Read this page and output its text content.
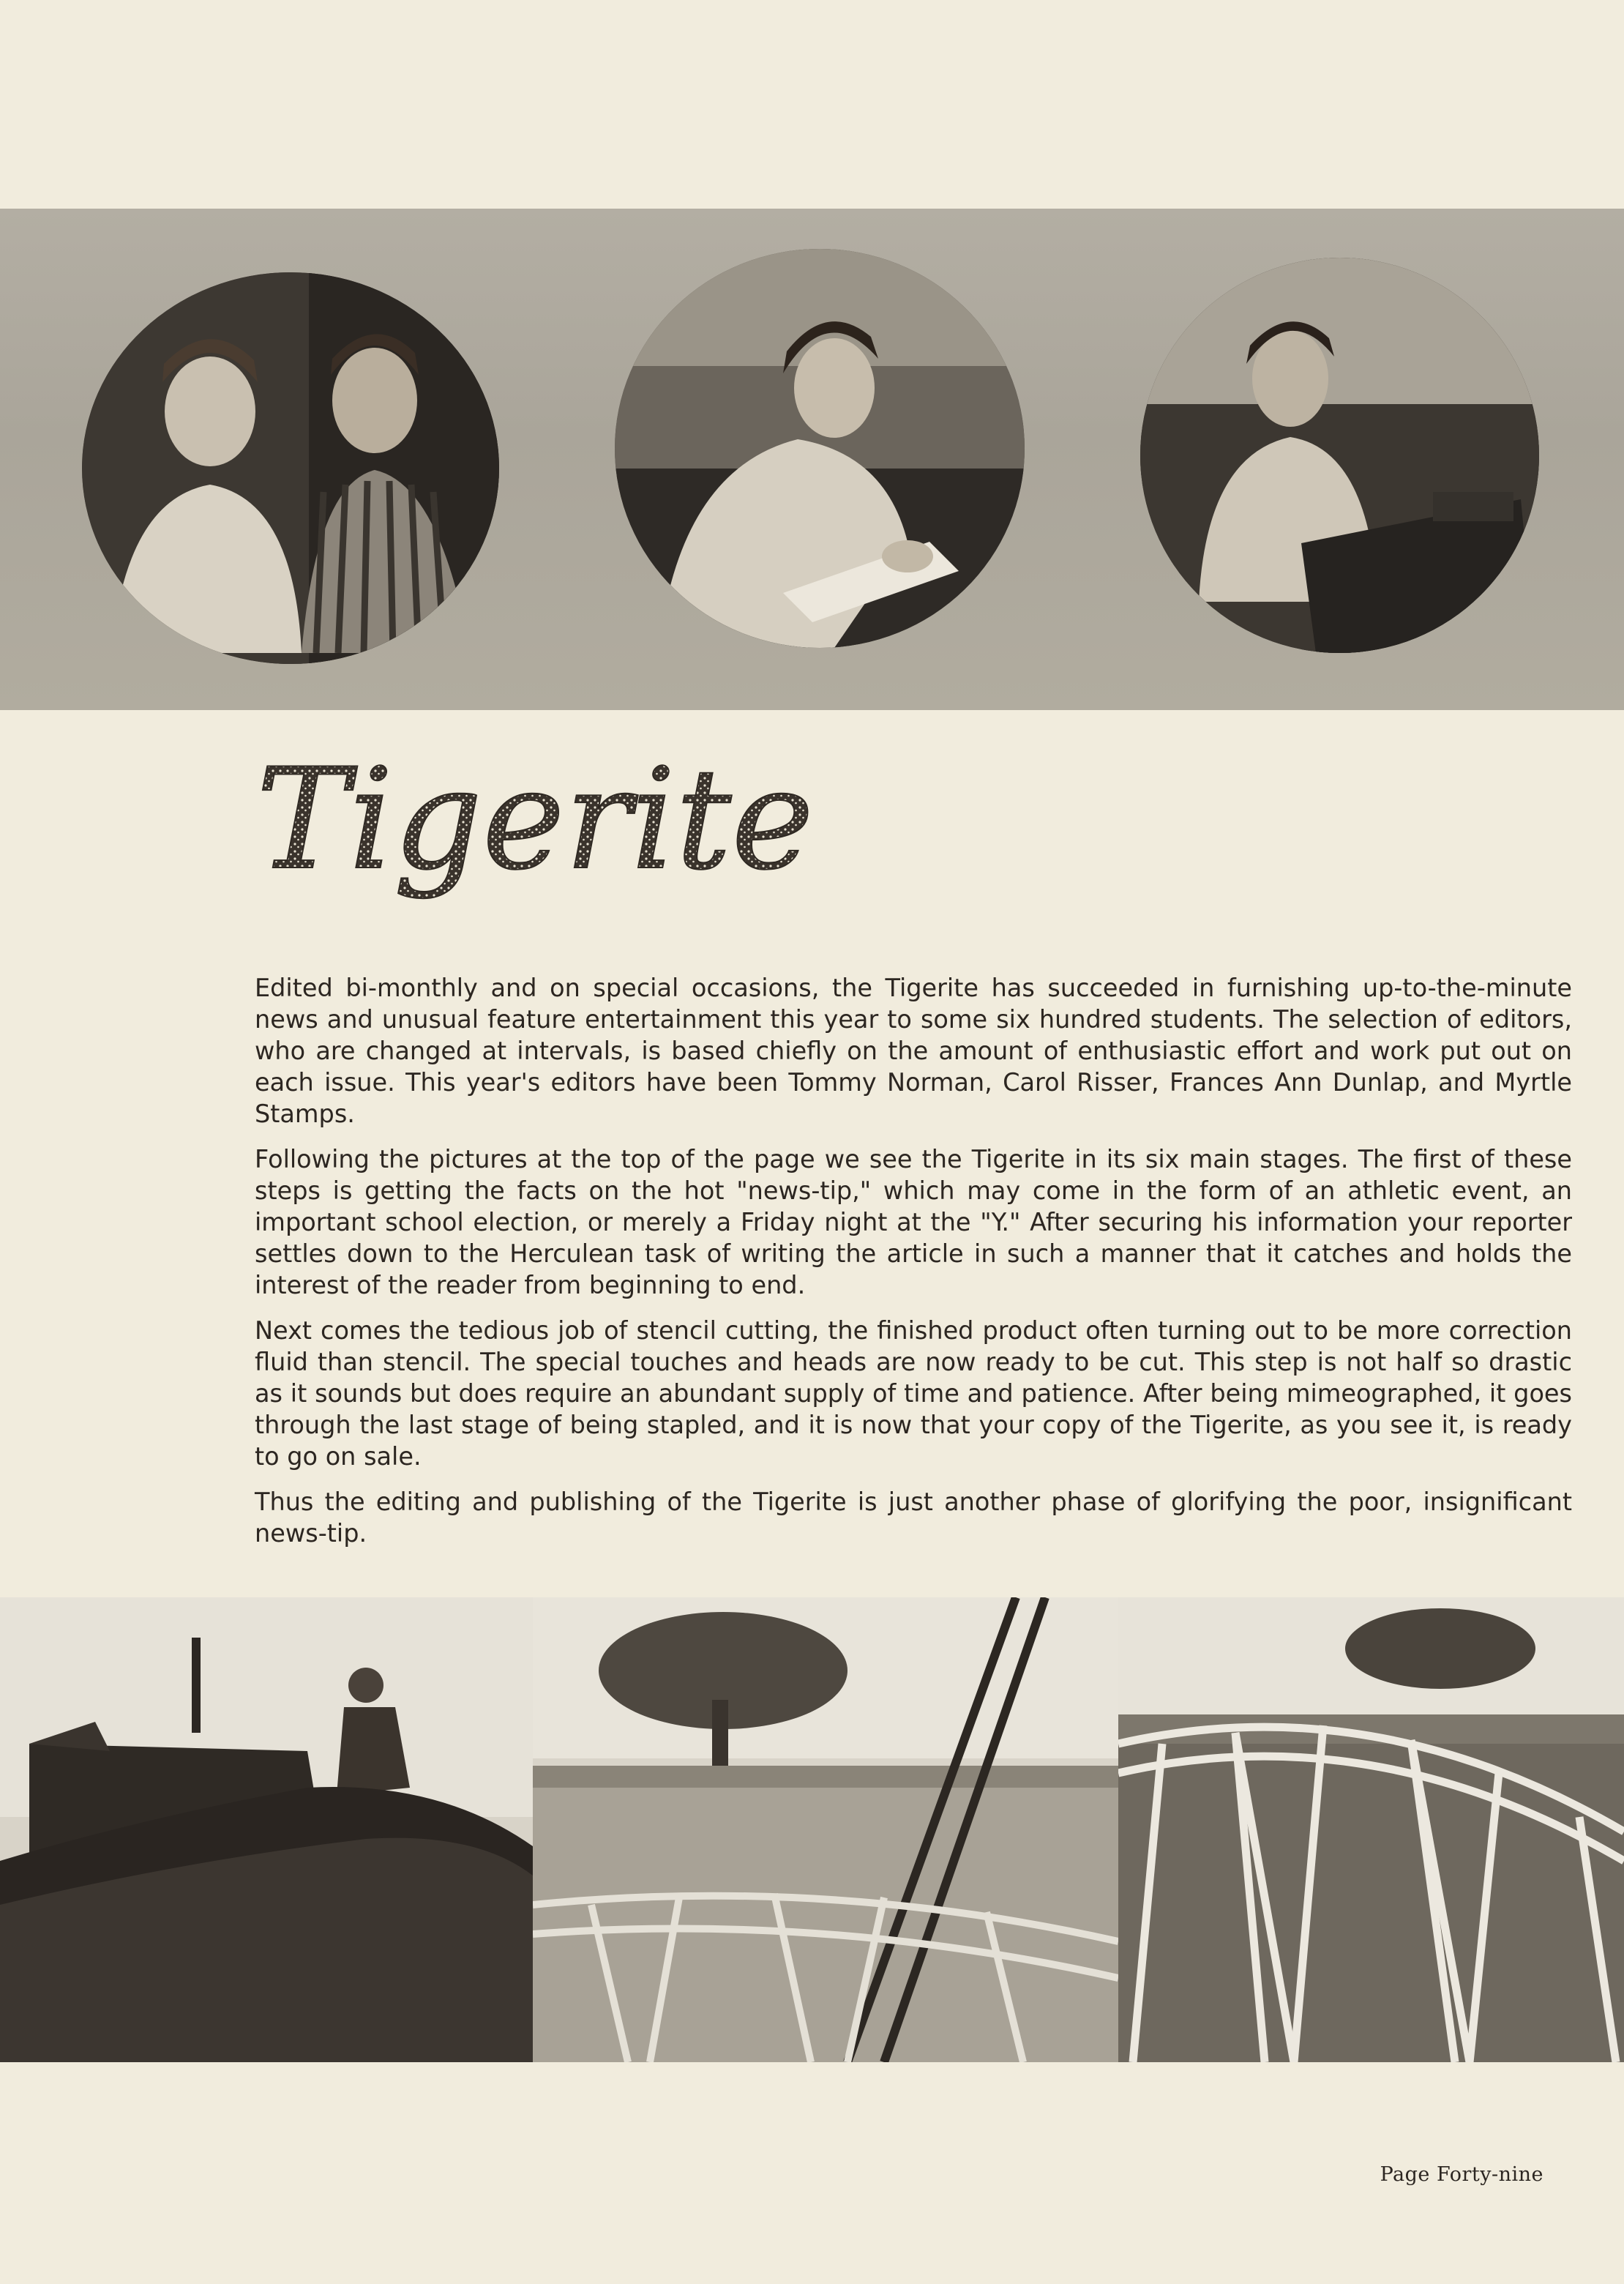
Tigerite

Edited bi-monthly and on special occasions, the Tigerite has succeeded in furnishing up-to-the-minute news and unusual feature entertainment this year to some six hundred students. The selection of editors, who are changed at intervals, is based chiefly on the amount of enthusiastic effort and work put out on each issue. This year's editors have been Tommy Norman, Carol Risser, Frances Ann Dunlap, and Myrtle Stamps.

Following the pictures at the top of the page we see the Tigerite in its six main stages. The first of these steps is getting the facts on the hot "news-tip," which may come in the form of an athletic event, an important school election, or merely a Friday night at the "Y." After securing his information your reporter settles down to the Herculean task of writing the article in such a manner that it catches and holds the interest of the reader from beginning to end.

Next comes the tedious job of stencil cutting, the finished product often turning out to be more correction fluid than stencil. The special touches and heads are now ready to be cut. This step is not half so drastic as it sounds but does require an abundant supply of time and patience. After being mimeographed, it goes through the last stage of being stapled, and it is now that your copy of the Tigerite, as you see it, is ready to go on sale.

Thus the editing and publishing of the Tigerite is just another phase of glorifying the poor, insignificant news-tip.

Page Forty-nine
